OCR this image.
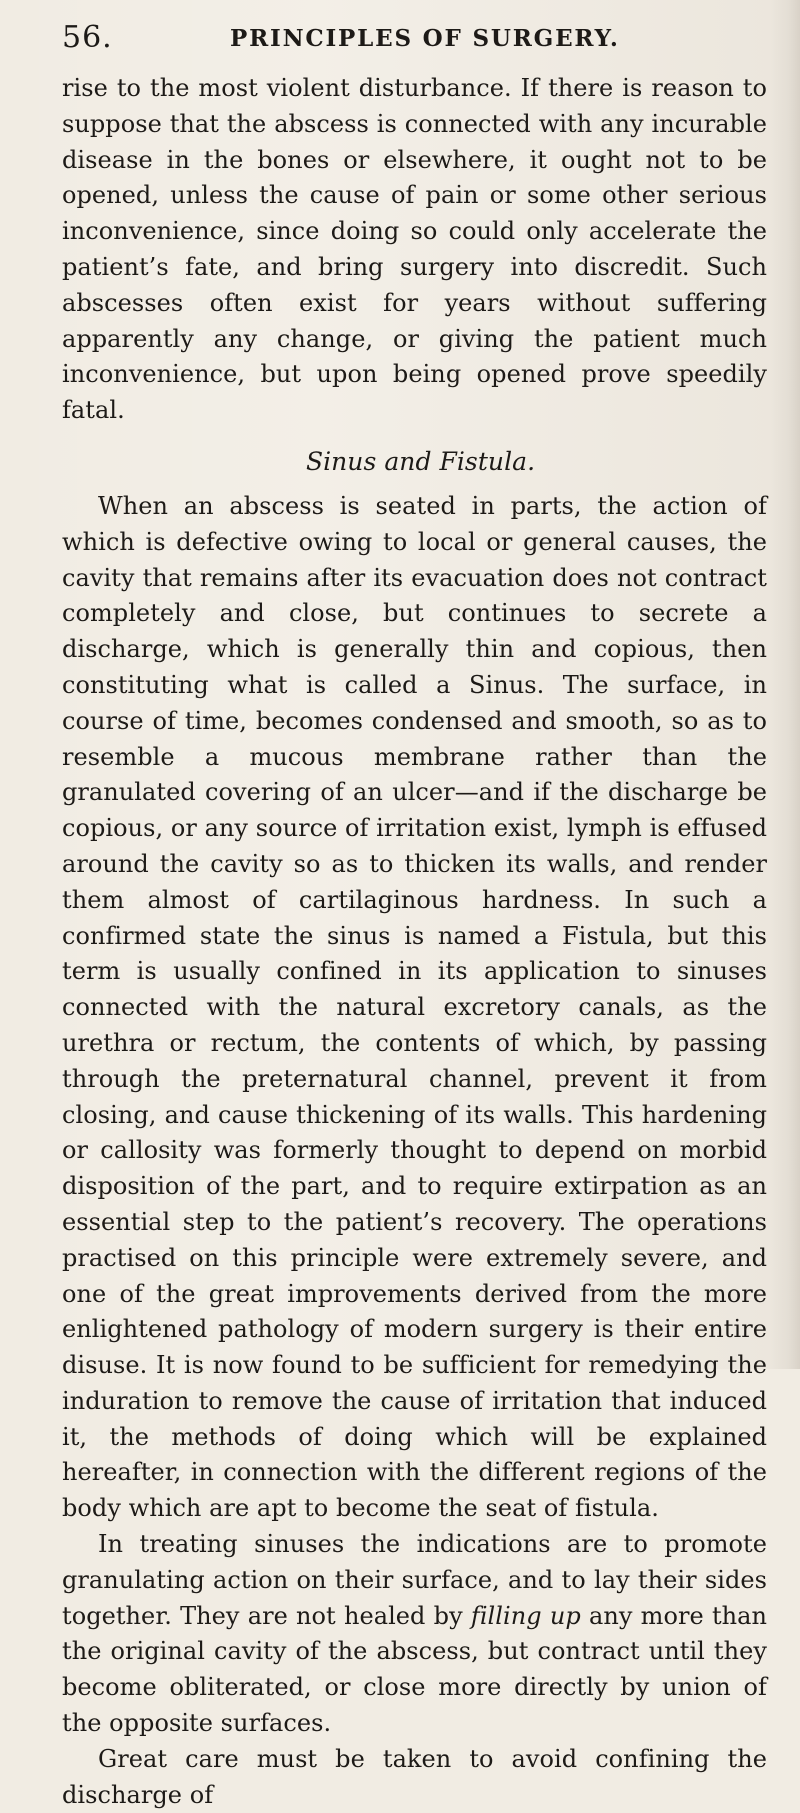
56.	PRINCIPLES OF SURGERY.

rise to the most violent disturbance. If there is reason to suppose that the abscess is connected with any incurable disease in the bones or elsewhere, it ought not to be opened, unless the cause of pain or some other serious inconvenience, since doing so could only accelerate the patient’s fate, and bring surgery into discredit. Such abscesses often exist for years without suffering apparently any change, or giving the patient much inconvenience, but upon being opened prove speedily fatal.

Sinus and Fistula.

When an abscess is seated in parts, the action of which is defective owing to local or general causes, the cavity that remains after its evacuation does not contract completely and close, but continues to secrete a discharge, which is generally thin and copious, then constituting what is called a Sinus. The surface, in course of time, becomes condensed and smooth, so as to resemble a mucous membrane rather than the granulated covering of an ulcer—and if the discharge be copious, or any source of irritation exist, lymph is effused around the cavity so as to thicken its walls, and render them almost of cartilaginous hardness. In such a confirmed state the sinus is named a Fistula, but this term is usually confined in its application to sinuses connected with the natural excretory canals, as the urethra or rectum, the contents of which, by passing through the preternatural channel, prevent it from closing, and cause thickening of its walls. This hardening or callosity was formerly thought to depend on morbid disposition of the part, and to require extirpation as an essential step to the patient’s recovery. The operations practised on this principle were extremely severe, and one of the great improvements derived from the more enlightened pathology of modern surgery is their entire disuse. It is now found to be sufficient for remedying the induration to remove the cause of irritation that induced it, the methods of doing which will be explained hereafter, in connection with the different regions of the body which are apt to become the seat of fistula.

In treating sinuses the indications are to promote granulating action on their surface, and to lay their sides together. They are not healed by filling up any more than the original cavity of the abscess, but contract until they become obliterated, or close more directly by union of the opposite surfaces.

Great care must be taken to avoid confining the discharge of
